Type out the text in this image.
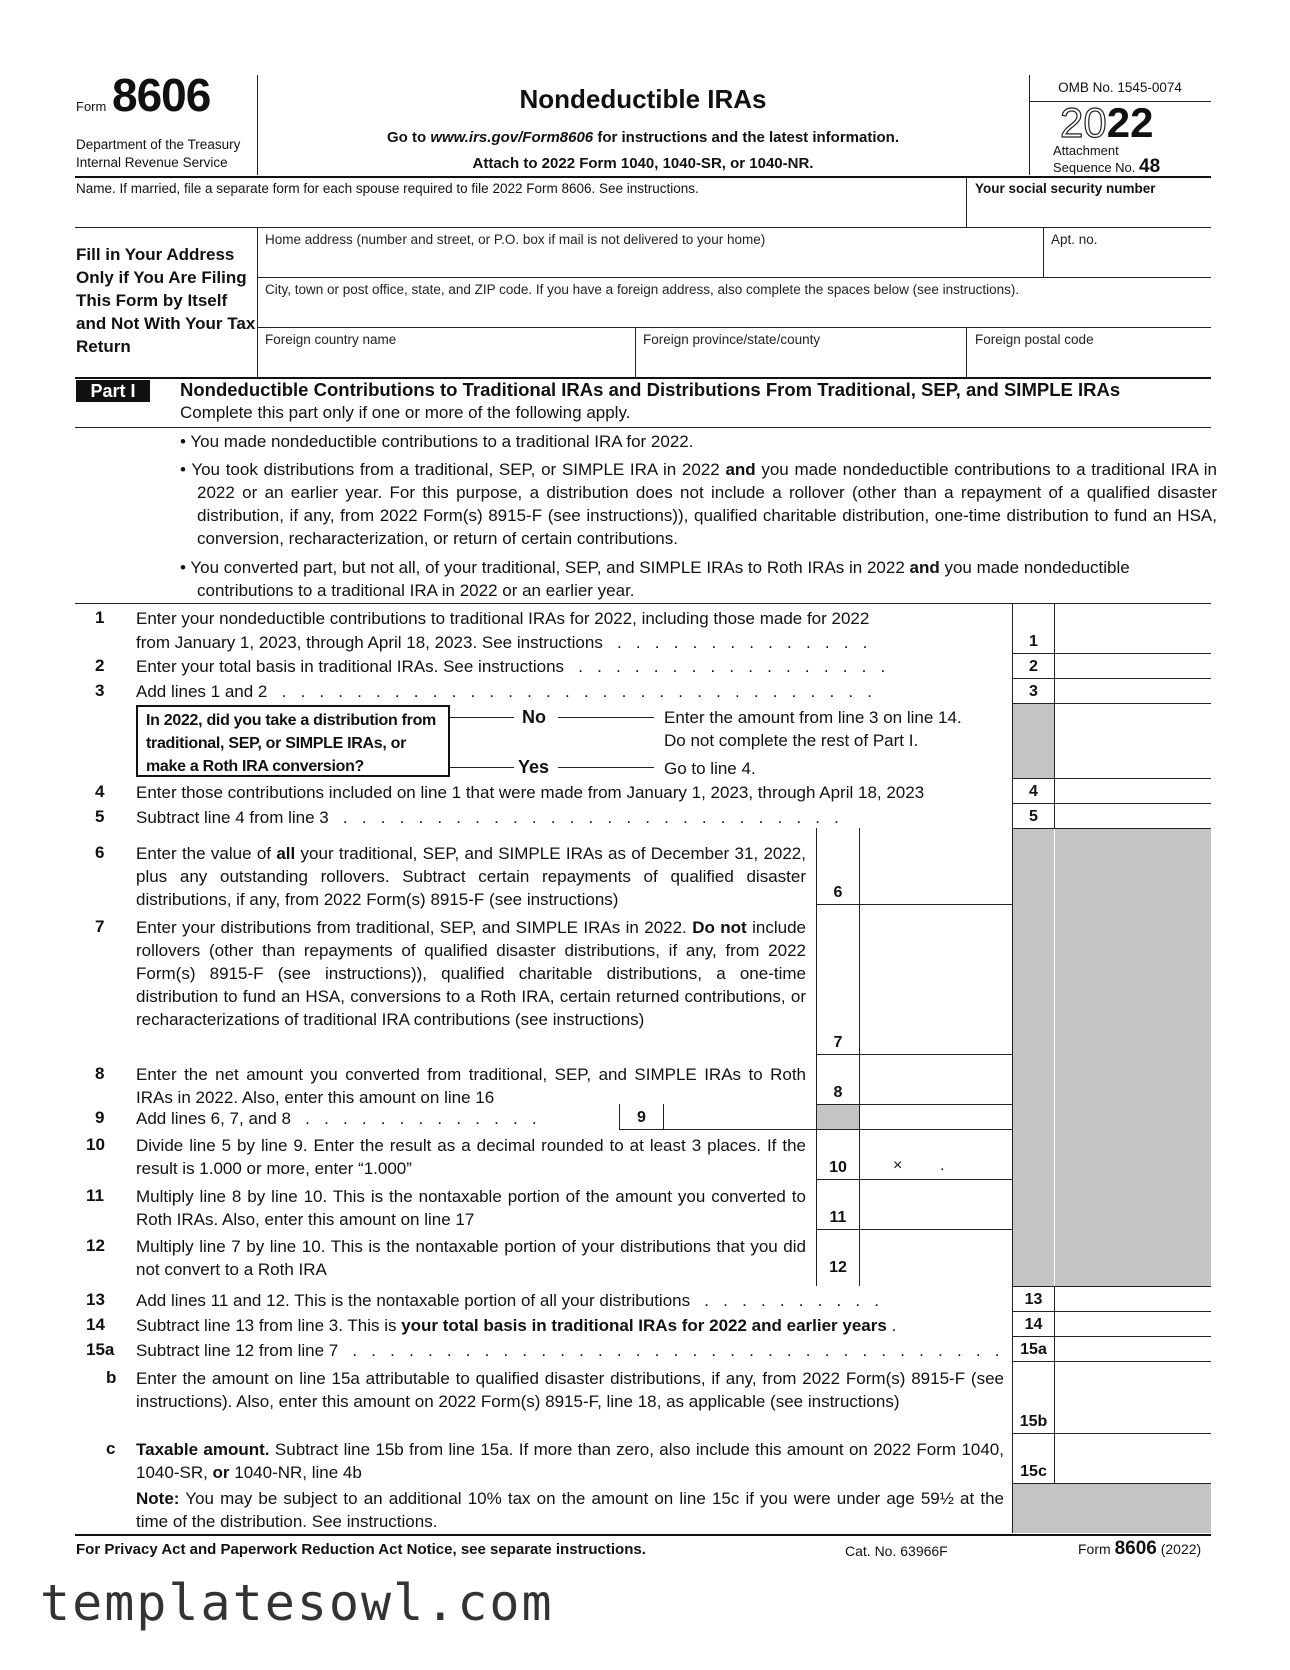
Form 8606
Department of the Treasury
Internal Revenue Service
Nondeductible IRAs
Go to www.irs.gov/Form8606 for instructions and the latest information.
Attach to 2022 Form 1040, 1040-SR, or 1040-NR.
OMB No. 1545-0074
2022
Attachment
Sequence No. 48
Name. If married, file a separate form for each spouse required to file 2022 Form 8606. See instructions.	Your social security number
Fill in Your Address Only if You Are Filing This Form by Itself and Not With Your Tax Return
Home address (number and street, or P.O. box if mail is not delivered to your home)	Apt. no.
City, town or post office, state, and ZIP code. If you have a foreign address, also complete the spaces below (see instructions).
Foreign country name	Foreign province/state/county	Foreign postal code
Part I	Nondeductible Contributions to Traditional IRAs and Distributions From Traditional, SEP, and SIMPLE IRAs
Complete this part only if one or more of the following apply.
• You made nondeductible contributions to a traditional IRA for 2022.
• You took distributions from a traditional, SEP, or SIMPLE IRA in 2022 and you made nondeductible contributions to a traditional IRA in 2022 or an earlier year. For this purpose, a distribution does not include a rollover (other than a repayment of a qualified disaster distribution, if any, from 2022 Form(s) 8915-F (see instructions)), qualified charitable distribution, one-time distribution to fund an HSA, conversion, recharacterization, or return of certain contributions.
• You converted part, but not all, of your traditional, SEP, and SIMPLE IRAs to Roth IRAs in 2022 and you made nondeductible contributions to a traditional IRA in 2022 or an earlier year.
1
2
3
4
5
13
14
15a
15b
15c
6
7
8
10	× .
11
12
9
1 Enter your nondeductible contributions to traditional IRAs for 2022, including those made for 2022
from January 1, 2023, through April 18, 2023. See instructions   .   .   .   .   .   .   .   .   .   .   .   .   .   .
2 Enter your total basis in traditional IRAs. See instructions   .   .   .   .   .   .   .   .   .   .   .   .   .   .   .   .   .
3 Add lines 1 and 2   .   .   .   .   .   .   .   .   .   .   .   .   .   .   .   .   .   .   .   .   .   .   .   .   .   .   .   .   .   .   .   .
In 2022, did you take a distribution from traditional, SEP, or SIMPLE IRAs, or make a Roth IRA conversion?
No	Enter the amount from line 3 on line 14.
Do not complete the rest of Part I.
Yes	Go to line 4.
4 Enter those contributions included on line 1 that were made from January 1, 2023, through April 18, 2023
5 Subtract line 4 from line 3   .   .   .   .   .   .   .   .   .   .   .   .   .   .   .   .   .   .   .   .   .   .   .   .   .   .   .
6 Enter the value of all your traditional, SEP, and SIMPLE IRAs as of December 31, 2022, plus any outstanding rollovers. Subtract certain repayments of qualified disaster distributions, if any, from 2022 Form(s) 8915-F (see instructions)
7 Enter your distributions from traditional, SEP, and SIMPLE IRAs in 2022. Do not include rollovers (other than repayments of qualified disaster distributions, if any, from 2022 Form(s) 8915-F (see instructions)), qualified charitable distributions, a one-time distribution to fund an HSA, conversions to a Roth IRA, certain returned contributions, or recharacterizations of traditional IRA contributions (see instructions)
8 Enter the net amount you converted from traditional, SEP, and SIMPLE IRAs to Roth IRAs in 2022. Also, enter this amount on line 16
9 Add lines 6, 7, and 8   .   .   .   .   .   .   .   .   .   .   .   .   .
10 Divide line 5 by line 9. Enter the result as a decimal rounded to at least 3 places. If the result is 1.000 or more, enter “1.000”
11 Multiply line 8 by line 10. This is the nontaxable portion of the amount you converted to Roth IRAs. Also, enter this amount on line 17
12 Multiply line 7 by line 10. This is the nontaxable portion of your distributions that you did not convert to a Roth IRA
13 Add lines 11 and 12. This is the nontaxable portion of all your distributions   .   .   .   .   .   .   .   .   .   .
14 Subtract line 13 from line 3. This is your total basis in traditional IRAs for 2022 and earlier years .
15a Subtract line 12 from line 7   .   .   .   .   .   .   .   .   .   .   .   .   .   .   .   .   .   .   .   .   .   .   .   .   .   .   .   .   .   .   .   .   .   .   .
b Enter the amount on line 15a attributable to qualified disaster distributions, if any, from 2022 Form(s) 8915-F (see instructions). Also, enter this amount on 2022 Form(s) 8915-F, line 18, as applicable (see instructions)
c Taxable amount. Subtract line 15b from line 15a. If more than zero, also include this amount on 2022 Form 1040, 1040-SR, or 1040-NR, line 4b
Note: You may be subject to an additional 10% tax on the amount on line 15c if you were under age 59½ at the time of the distribution. See instructions.
For Privacy Act and Paperwork Reduction Act Notice, see separate instructions.	Cat. No. 63966F	Form 8606 (2022)
templatesowl.com
